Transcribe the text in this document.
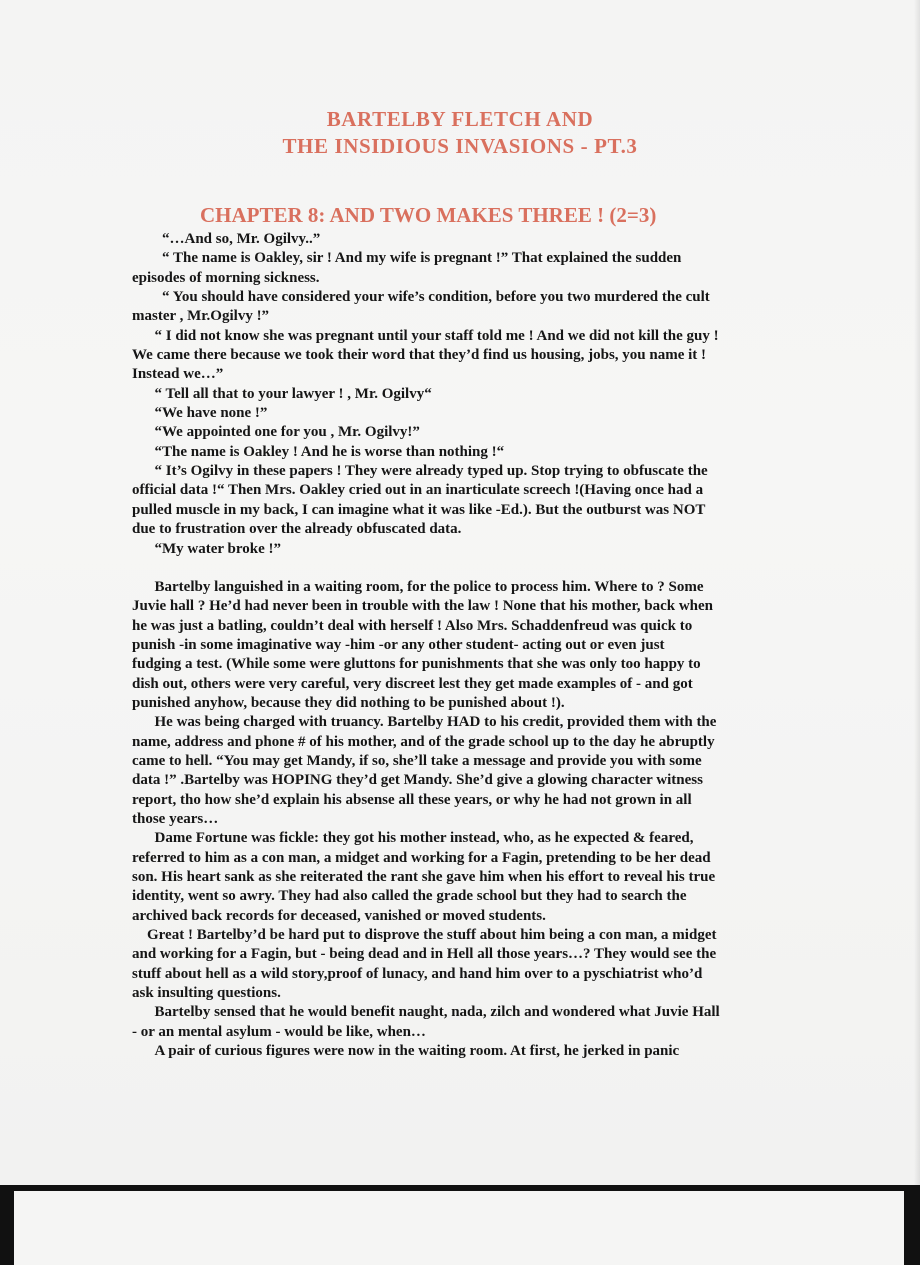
BARTELBY FLETCH AND
THE INSIDIOUS INVASIONS - PT.3
CHAPTER 8: AND TWO MAKES THREE ! (2=3)
“…And so, Mr. Ogilvy..”
“ The name is Oakley, sir ! And my wife is pregnant !” That explained the sudden
episodes of morning sickness.
“ You should have considered your wife’s condition, before you two murdered the cult
master , Mr.Ogilvy !”
“ I did not know she was pregnant until your staff told me ! And we did not kill the guy !
We came there because we took their word that they’d find us housing, jobs, you name it !
Instead we…”
“ Tell all that to your lawyer ! , Mr. Ogilvy“
“We have none !”
“We appointed one for you , Mr. Ogilvy!”
“The name is Oakley ! And he is worse than nothing !“
“ It’s Ogilvy in these papers ! They were already typed up. Stop trying to obfuscate the
official data !“ Then Mrs. Oakley cried out in an inarticulate screech !(Having once had a
pulled muscle in my back, I can imagine what it was like -Ed.). But the outburst was NOT
due to frustration over the already obfuscated data.
“My water broke !”
Bartelby languished in a waiting room, for the police to process him. Where to ? Some
Juvie hall ? He’d had never been in trouble with the law ! None that his mother, back when
he was just a batling, couldn’t deal with herself ! Also Mrs. Schaddenfreud was quick to
punish -in some imaginative way -him -or any other student- acting out or even just
fudging a test. (While some were gluttons for punishments that she was only too happy to
dish out, others were very careful, very discreet lest they get made examples of - and got
punished anyhow, because they did nothing to be punished about !).
He was being charged with truancy. Bartelby HAD to his credit, provided them with the
name, address and phone # of his mother, and of the grade school up to the day he abruptly
came to hell. “You may get Mandy, if so, she’ll take a message and provide you with some
data !” .Bartelby was HOPING they’d get Mandy. She’d give a glowing character witness
report, tho how she’d explain his absense all these years, or why he had not grown in all
those years…
Dame Fortune was fickle: they got his mother instead, who, as he expected & feared,
referred to him as a con man, a midget and working for a Fagin, pretending to be her dead
son. His heart sank as she reiterated the rant she gave him when his effort to reveal his true
identity, went so awry. They had also called the grade school but they had to search the
archived back records for deceased, vanished or moved students.
Great ! Bartelby’d be hard put to disprove the stuff about him being a con man, a midget
and working for a Fagin, but - being dead and in Hell all those years…? They would see the
stuff about hell as a wild story,proof of lunacy, and hand him over to a pyschiatrist who’d
ask insulting questions.
Bartelby sensed that he would benefit naught, nada, zilch and wondered what Juvie Hall
- or an mental asylum - would be like, when…
A pair of curious figures were now in the waiting room. At first, he jerked in panic
